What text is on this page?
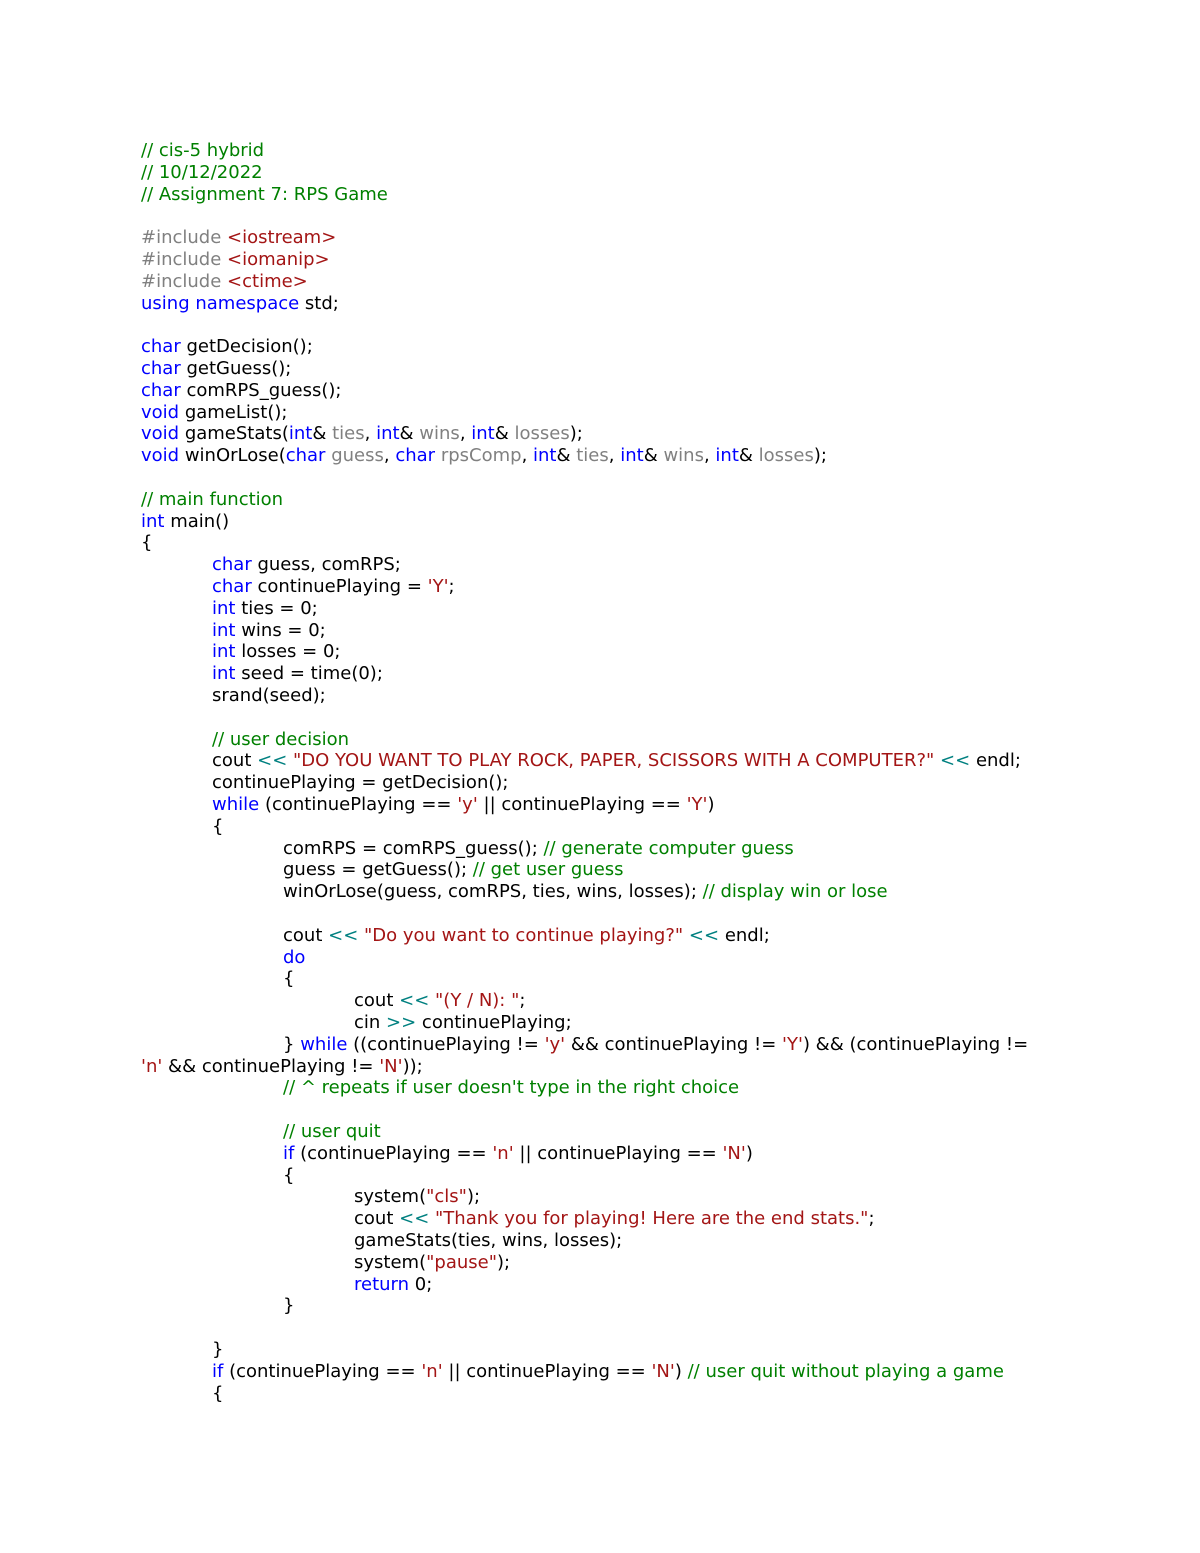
// cis-5 hybrid
// 10/12/2022
// Assignment 7: RPS Game
#include <iostream>
#include <iomanip>
#include <ctime>
using namespace std;
char getDecision();
char getGuess();
char comRPS_guess();
void gameList();
void gameStats(int& ties, int& wins, int& losses);
void winOrLose(char guess, char rpsComp, int& ties, int& wins, int& losses);
// main function
int main()
{
char guess, comRPS;
char continuePlaying = 'Y';
int ties = 0;
int wins = 0;
int losses = 0;
int seed = time(0);
srand(seed);
// user decision
cout << "DO YOU WANT TO PLAY ROCK, PAPER, SCISSORS WITH A COMPUTER?" << endl;
continuePlaying = getDecision();
while (continuePlaying == 'y' || continuePlaying == 'Y')
{
comRPS = comRPS_guess(); // generate computer guess
guess = getGuess(); // get user guess
winOrLose(guess, comRPS, ties, wins, losses); // display win or lose
cout << "Do you want to continue playing?" << endl;
do
{
cout << "(Y / N): ";
cin >> continuePlaying;
} while ((continuePlaying != 'y' && continuePlaying != 'Y') && (continuePlaying !=
'n' && continuePlaying != 'N'));
// ^ repeats if user doesn't type in the right choice
// user quit
if (continuePlaying == 'n' || continuePlaying == 'N')
{
system("cls");
cout << "Thank you for playing! Here are the end stats.";
gameStats(ties, wins, losses);
system("pause");
return 0;
}
}
if (continuePlaying == 'n' || continuePlaying == 'N') // user quit without playing a game
{
